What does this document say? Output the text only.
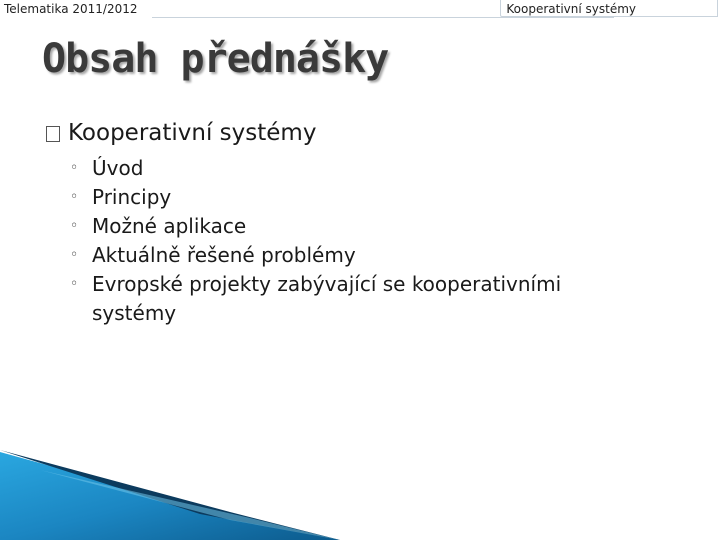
Telematika 2011/2012	Kooperativní systémy
Obsah přednášky
Kooperativní systémy
◦ Úvod
◦ Principy
◦ Možné aplikace
◦ Aktuálně řešené problémy
◦ Evropské projekty zabývající se kooperativními systémy
